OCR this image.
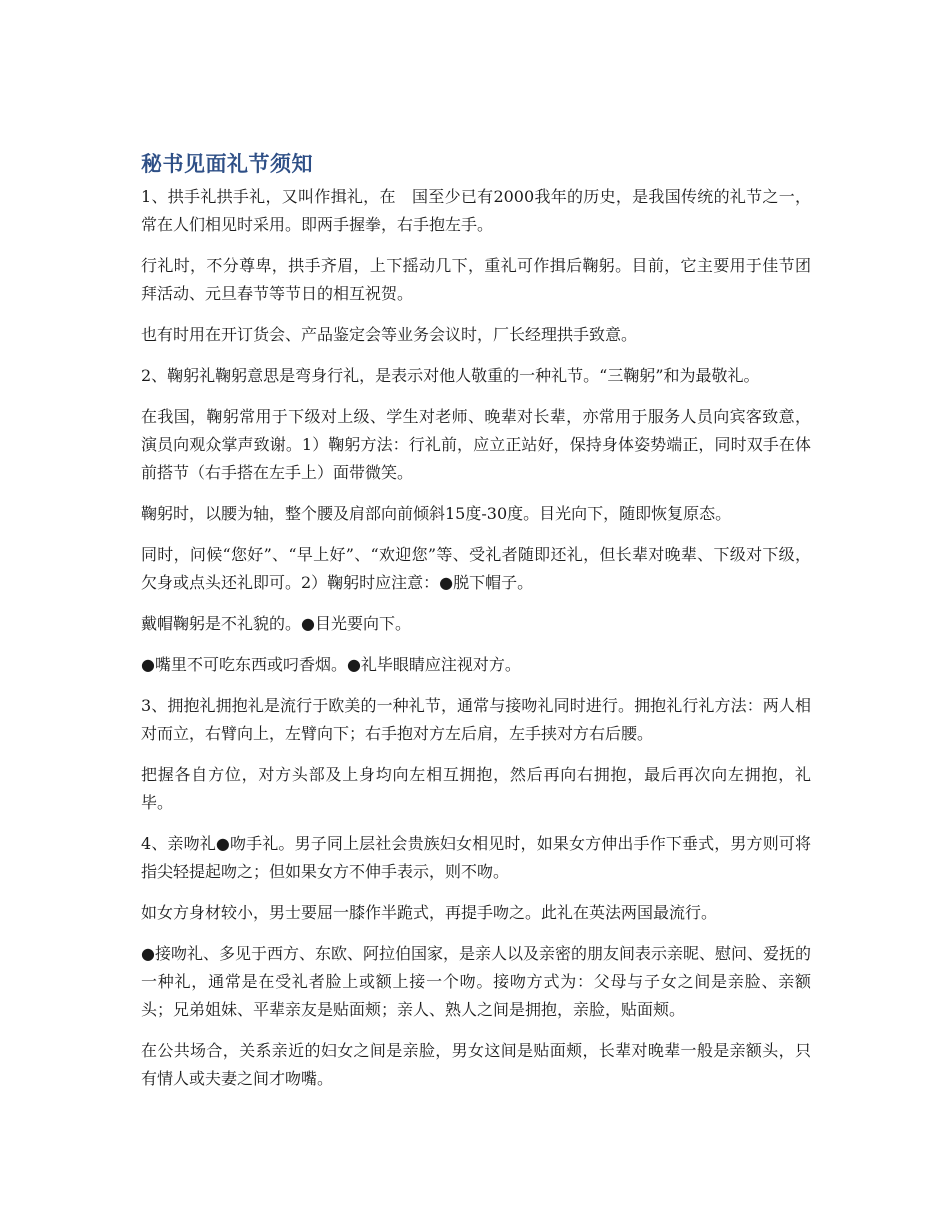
秘书见面礼节须知

1、拱手礼拱手礼，又叫作揖礼，在　国至少已有2000我年的历史，是我国传统的礼节之一，常在人们相见时采用。即两手握拳，右手抱左手。

行礼时，不分尊卑，拱手齐眉，上下摇动几下，重礼可作揖后鞠躬。目前，它主要用于佳节团拜活动、元旦春节等节日的相互祝贺。

也有时用在开订货会、产品鉴定会等业务会议时，厂长经理拱手致意。

2、鞠躬礼鞠躬意思是弯身行礼，是表示对他人敬重的一种礼节。“三鞠躬”和为最敬礼。

在我国，鞠躬常用于下级对上级、学生对老师、晚辈对长辈，亦常用于服务人员向宾客致意，演员向观众掌声致谢。1）鞠躬方法：行礼前，应立正站好，保持身体姿势端正，同时双手在体前搭节（右手搭在左手上）面带微笑。

鞠躬时，以腰为轴，整个腰及肩部向前倾斜15度-30度。目光向下，随即恢复原态。

同时，问候“您好”、“早上好”、“欢迎您”等、受礼者随即还礼，但长辈对晚辈、下级对下级，欠身或点头还礼即可。2）鞠躬时应注意：●脱下帽子。

戴帽鞠躬是不礼貌的。●目光要向下。

●嘴里不可吃东西或叼香烟。●礼毕眼睛应注视对方。

3、拥抱礼拥抱礼是流行于欧美的一种礼节，通常与接吻礼同时进行。拥抱礼行礼方法：两人相对而立，右臂向上，左臂向下；右手抱对方左后肩，左手挟对方右后腰。

把握各自方位，对方头部及上身均向左相互拥抱，然后再向右拥抱，最后再次向左拥抱，礼毕。

4、亲吻礼●吻手礼。男子同上层社会贵族妇女相见时，如果女方伸出手作下垂式，男方则可将指尖轻提起吻之；但如果女方不伸手表示，则不吻。

如女方身材较小，男士要屈一膝作半跪式，再提手吻之。此礼在英法两国最流行。

●接吻礼、多见于西方、东欧、阿拉伯国家，是亲人以及亲密的朋友间表示亲昵、慰问、爱抚的一种礼，通常是在受礼者脸上或额上接一个吻。接吻方式为：父母与子女之间是亲脸、亲额头；兄弟姐妹、平辈亲友是贴面颊；亲人、熟人之间是拥抱，亲脸，贴面颊。

在公共场合，关系亲近的妇女之间是亲脸，男女这间是贴面颊，长辈对晚辈一般是亲额头，只有情人或夫妻之间才吻嘴。
